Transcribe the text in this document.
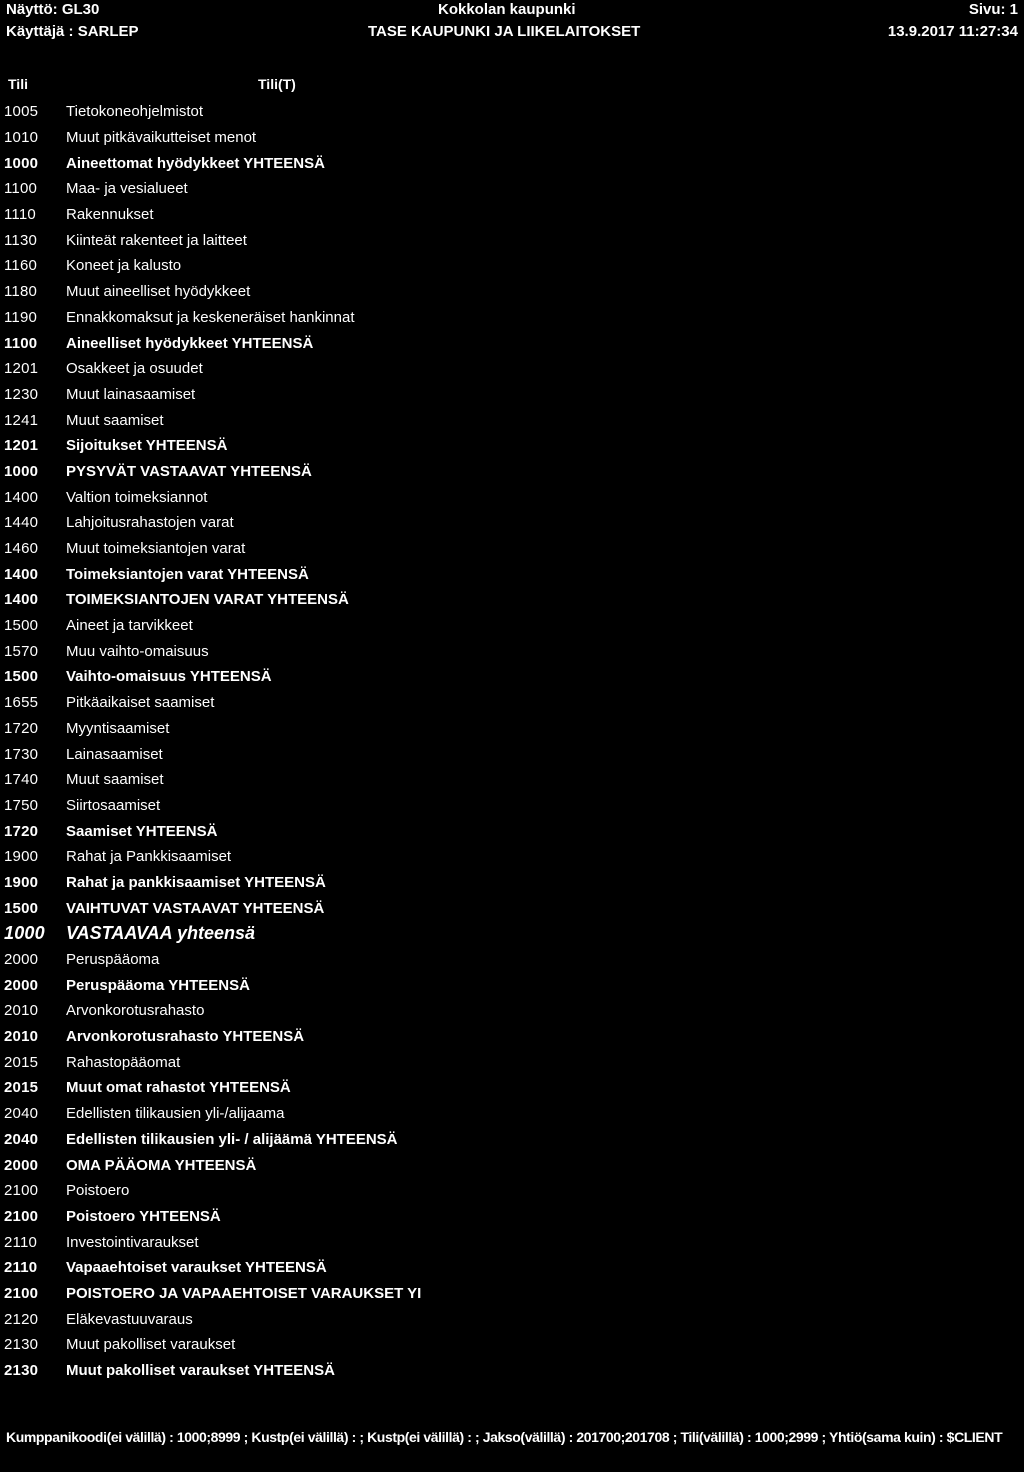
Näyttö: GL30
Käyttäjä : SARLEP
Kokkolan kaupunki
TASE KAUPUNKI JA LIIKELAITOKSET
Sivu: 1
13.9.2017 11:27:34
Tili	Tili(T)
1005	Tietokoneohjelmistot
1010	Muut pitkävaikutteiset menot
1000	Aineettomat hyödykkeet YHTEENSÄ
1100	Maa- ja vesialueet
1110	Rakennukset
1130	Kiinteät rakenteet ja laitteet
1160	Koneet ja kalusto
1180	Muut aineelliset hyödykkeet
1190	Ennakkomaksut ja keskeneräiset hankinnat
1100	Aineelliset hyödykkeet YHTEENSÄ
1201	Osakkeet ja osuudet
1230	Muut lainasaamiset
1241	Muut saamiset
1201	Sijoitukset YHTEENSÄ
1000	PYSYVÄT VASTAAVAT YHTEENSÄ
1400	Valtion toimeksiannot
1440	Lahjoitusrahastojen varat
1460	Muut toimeksiantojen varat
1400	Toimeksiantojen varat YHTEENSÄ
1400	TOIMEKSIANTOJEN VARAT YHTEENSÄ
1500	Aineet ja tarvikkeet
1570	Muu vaihto-omaisuus
1500	Vaihto-omaisuus YHTEENSÄ
1655	Pitkäaikaiset saamiset
1720	Myyntisaamiset
1730	Lainasaamiset
1740	Muut saamiset
1750	Siirtosaamiset
1720	Saamiset YHTEENSÄ
1900	Rahat ja Pankkisaamiset
1900	Rahat ja pankkisaamiset YHTEENSÄ
1500	VAIHTUVAT VASTAAVAT YHTEENSÄ
1000	VASTAAVAA yhteensä
2000	Peruspääoma
2000	Peruspääoma YHTEENSÄ
2010	Arvonkorotusrahasto
2010	Arvonkorotusrahasto YHTEENSÄ
2015	Rahastopääomat
2015	Muut omat rahastot YHTEENSÄ
2040	Edellisten tilikausien yli-/alijaama
2040	Edellisten tilikausien yli- / alijäämä YHTEENSÄ
2000	OMA PÄÄOMA YHTEENSÄ
2100	Poistoero
2100	Poistoero YHTEENSÄ
2110	Investointivaraukset
2110	Vapaaehtoiset varaukset YHTEENSÄ
2100	POISTOERO JA VAPAAEHTOISET VARAUKSET YI
2120	Eläkevastuuvaraus
2130	Muut pakolliset varaukset
2130	Muut pakolliset varaukset YHTEENSÄ
Kumppanikoodi(ei välillä) : 1000;8999 ; Kustp(ei välillä) : ; Kustp(ei välillä) : ; Jakso(välillä) : 201700;201708 ; Tili(välillä) : 1000;2999 ; Yhtiö(sama kuin) : $CLIENT
